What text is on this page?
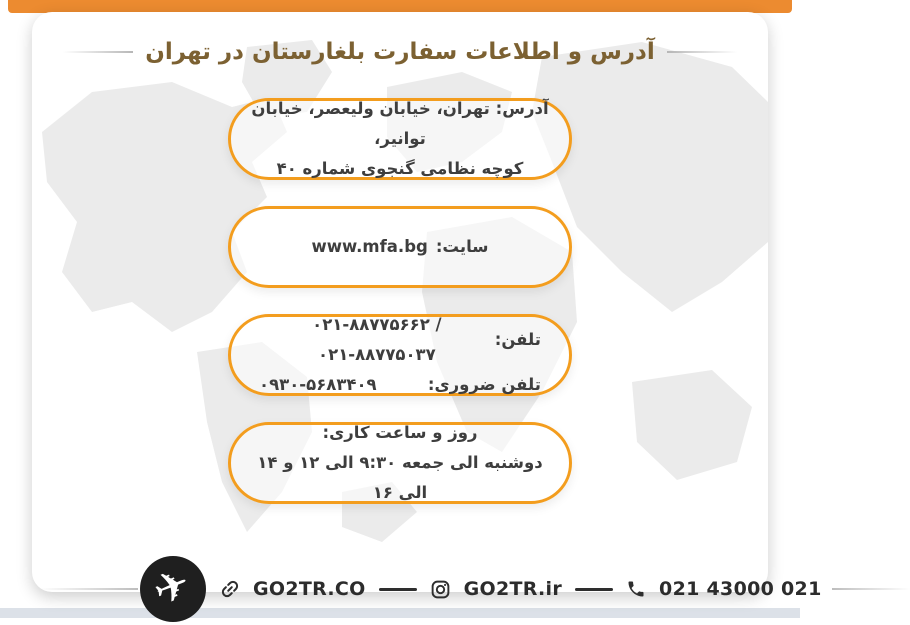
آدرس و اطلاعات سفارت بلغارستان در تهران
آدرس: تهران، خیابان ولیعصر، خیابان توانیر،
کوچه نظامی گنجوی شماره ۴۰
سایت:
www.mfa.bg
تلفن:
۰۲۱-۸۸۷۷۵۶۶۲ / ۰۲۱-۸۸۷۷۵۰۳۷
تلفن ضروری:
۰۹۳۰-۵۶۸۳۴۰۹
روز و ساعت کاری:
دوشنبه الی جمعه ۹:۳۰ الی ۱۲ و ۱۴ الی ۱۶
✈	GO2TR.CO	GO2TR.ir	021 43000 021
